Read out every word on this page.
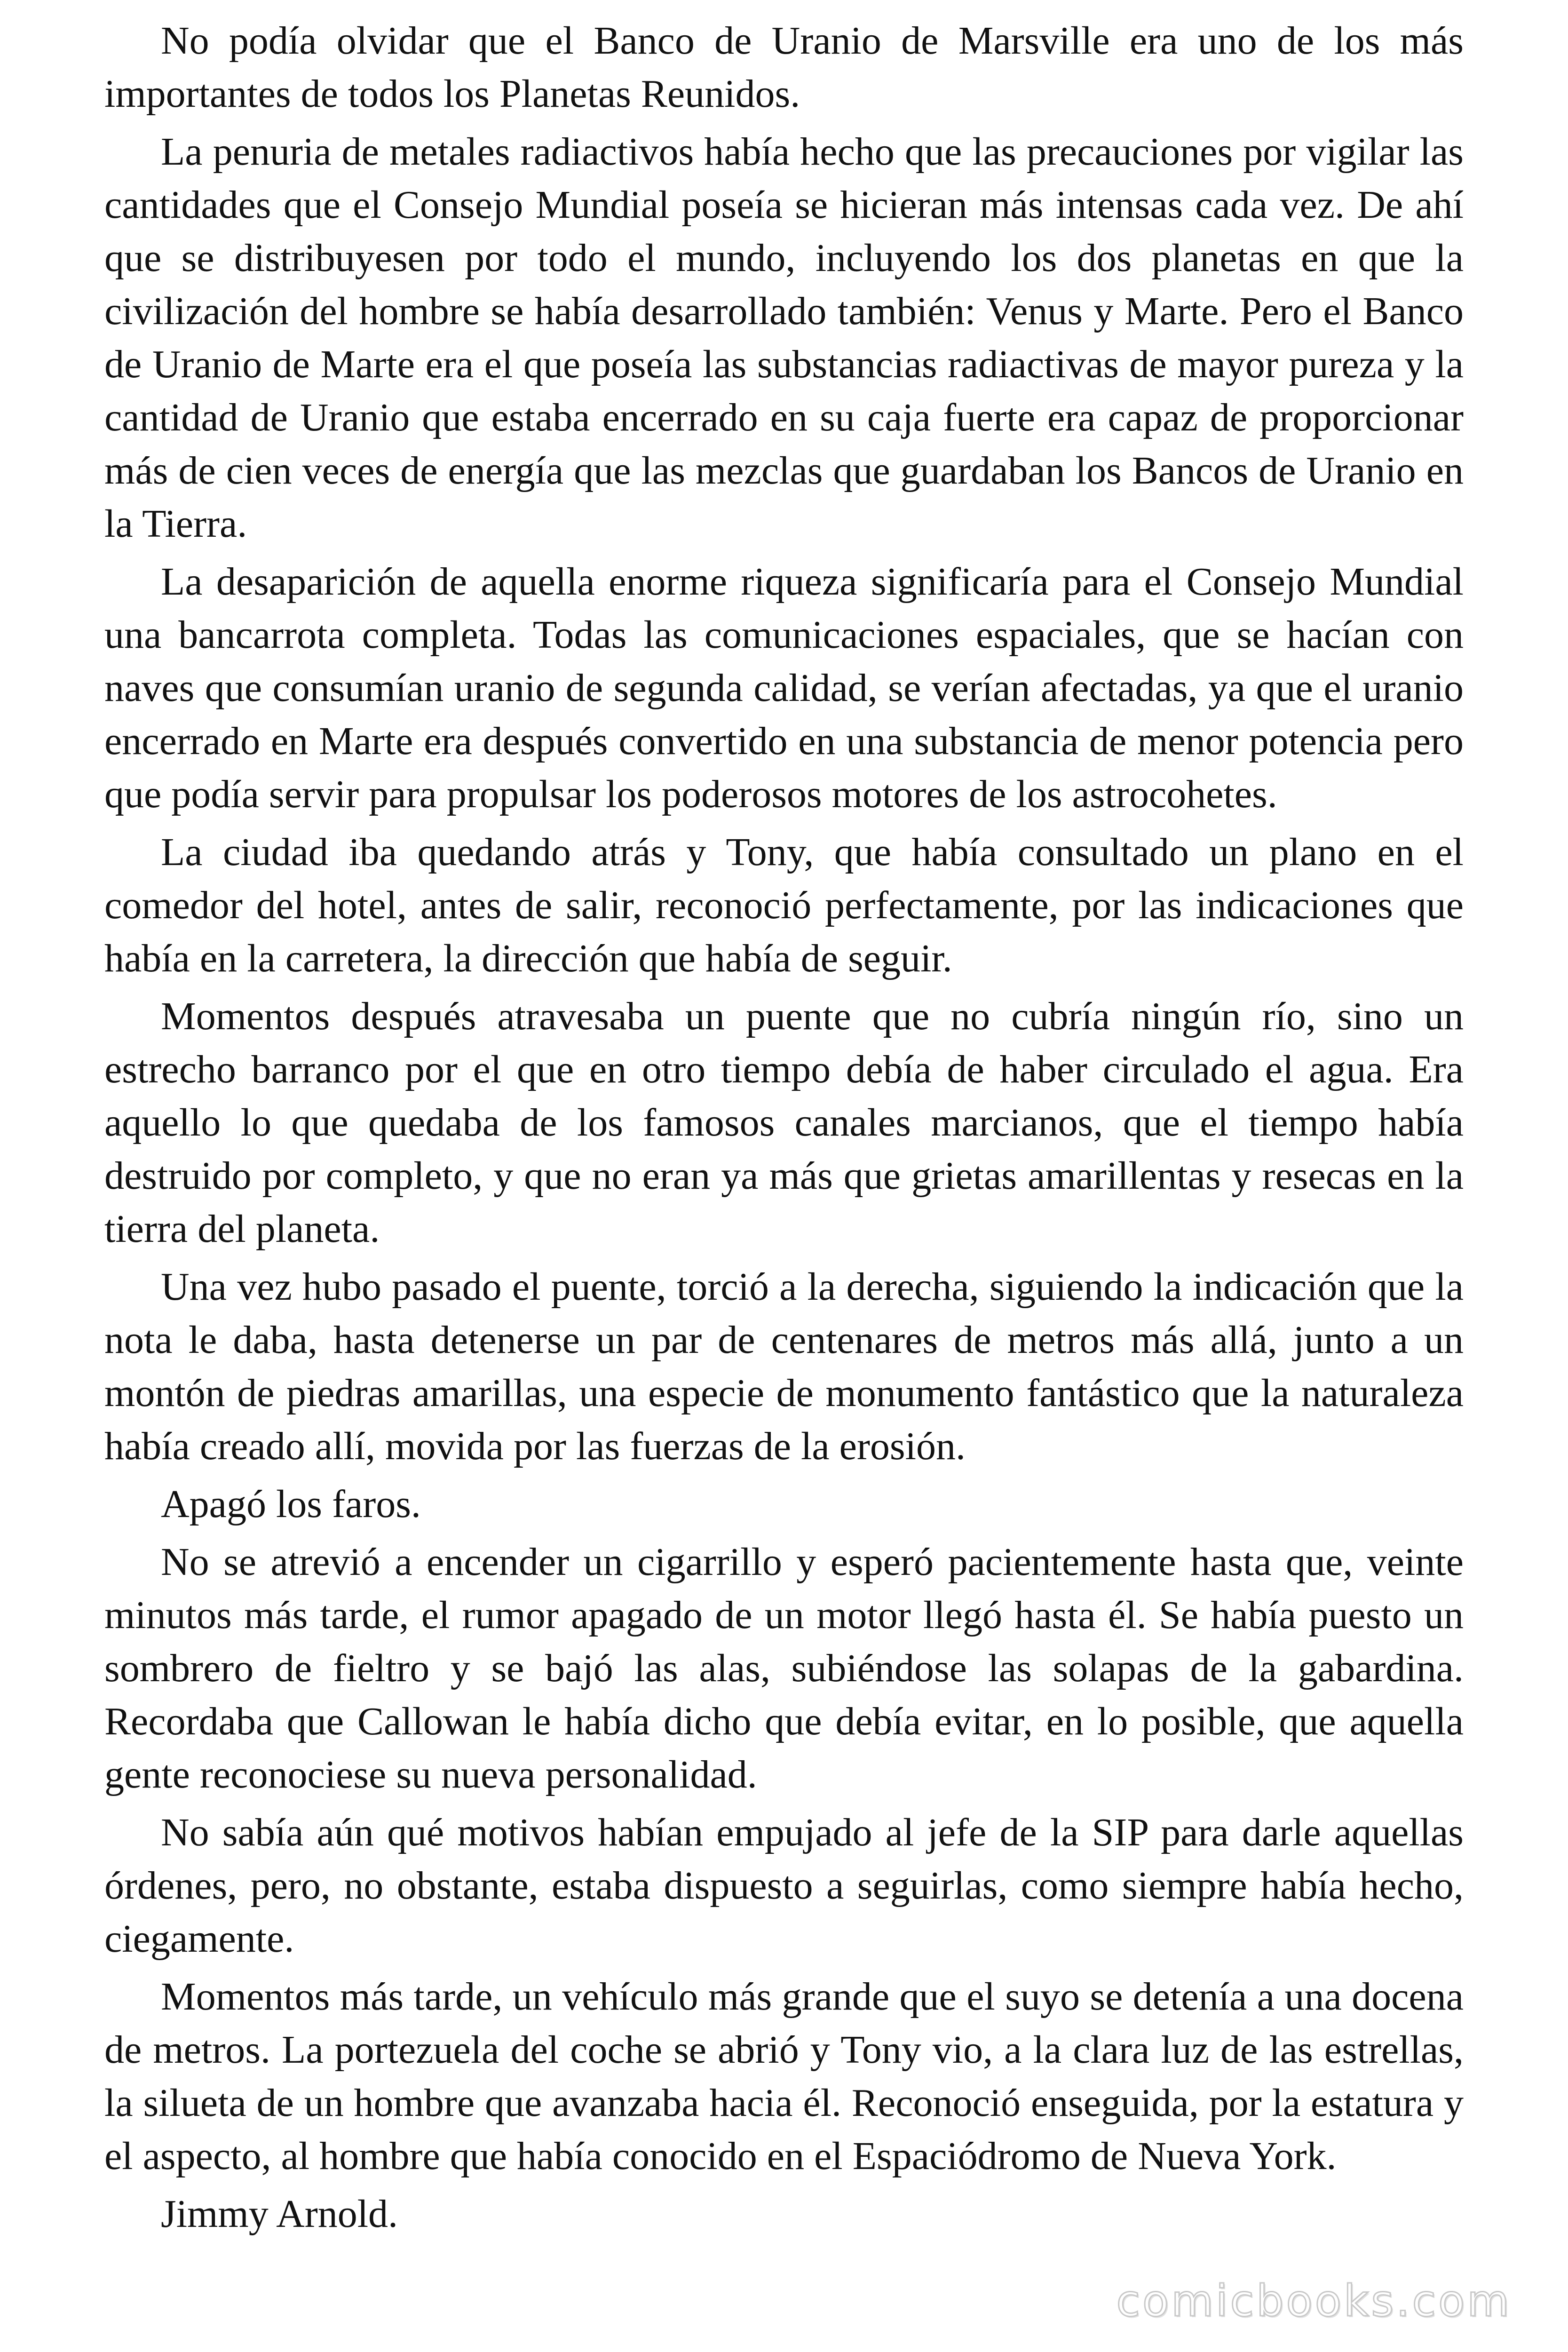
No podía olvidar que el Banco de Uranio de Marsville era uno de los más importantes de todos los Planetas Reunidos.

La penuria de metales radiactivos había hecho que las precauciones por vigilar las cantidades que el Consejo Mundial poseía se hicieran más intensas cada vez. De ahí que se distribuyesen por todo el mundo, incluyendo los dos planetas en que la civilización del hombre se había desarrollado también: Venus y Marte. Pero el Banco de Uranio de Marte era el que poseía las substancias radiactivas de mayor pureza y la cantidad de Uranio que estaba encerrado en su caja fuerte era capaz de proporcionar más de cien veces de energía que las mezclas que guardaban los Bancos de Uranio en la Tierra.

La desaparición de aquella enorme riqueza significaría para el Consejo Mundial una bancarrota completa. Todas las comunicaciones espaciales, que se hacían con naves que consumían uranio de segunda calidad, se verían afectadas, ya que el uranio encerrado en Marte era después convertido en una substancia de menor potencia pero que podía servir para propulsar los poderosos motores de los astrocohetes.

La ciudad iba quedando atrás y Tony, que había consultado un plano en el comedor del hotel, antes de salir, reconoció perfectamente, por las indicaciones que había en la carretera, la dirección que había de seguir.

Momentos después atravesaba un puente que no cubría ningún río, sino un estrecho barranco por el que en otro tiempo debía de haber circulado el agua. Era aquello lo que quedaba de los famosos canales marcianos, que el tiempo había destruido por completo, y que no eran ya más que grietas amarillentas y resecas en la tierra del planeta.

Una vez hubo pasado el puente, torció a la derecha, siguiendo la indicación que la nota le daba, hasta detenerse un par de centenares de metros más allá, junto a un montón de piedras amarillas, una especie de monumento fantástico que la naturaleza había creado allí, movida por las fuerzas de la erosión.

Apagó los faros.

No se atrevió a encender un cigarrillo y esperó pacientemente hasta que, veinte minutos más tarde, el rumor apagado de un motor llegó hasta él. Se había puesto un sombrero de fieltro y se bajó las alas, subiéndose las solapas de la gabardina. Recordaba que Callowan le había dicho que debía evitar, en lo posible, que aquella gente reconociese su nueva personalidad.

No sabía aún qué motivos habían empujado al jefe de la SIP para darle aquellas órdenes, pero, no obstante, estaba dispuesto a seguirlas, como siempre había hecho, ciegamente.

Momentos más tarde, un vehículo más grande que el suyo se detenía a una docena de metros. La portezuela del coche se abrió y Tony vio, a la clara luz de las estrellas, la silueta de un hombre que avanzaba hacia él. Reconoció enseguida, por la estatura y el aspecto, al hombre que había conocido en el Espaciódromo de Nueva York.

Jimmy Arnold.

comicbooks.com
